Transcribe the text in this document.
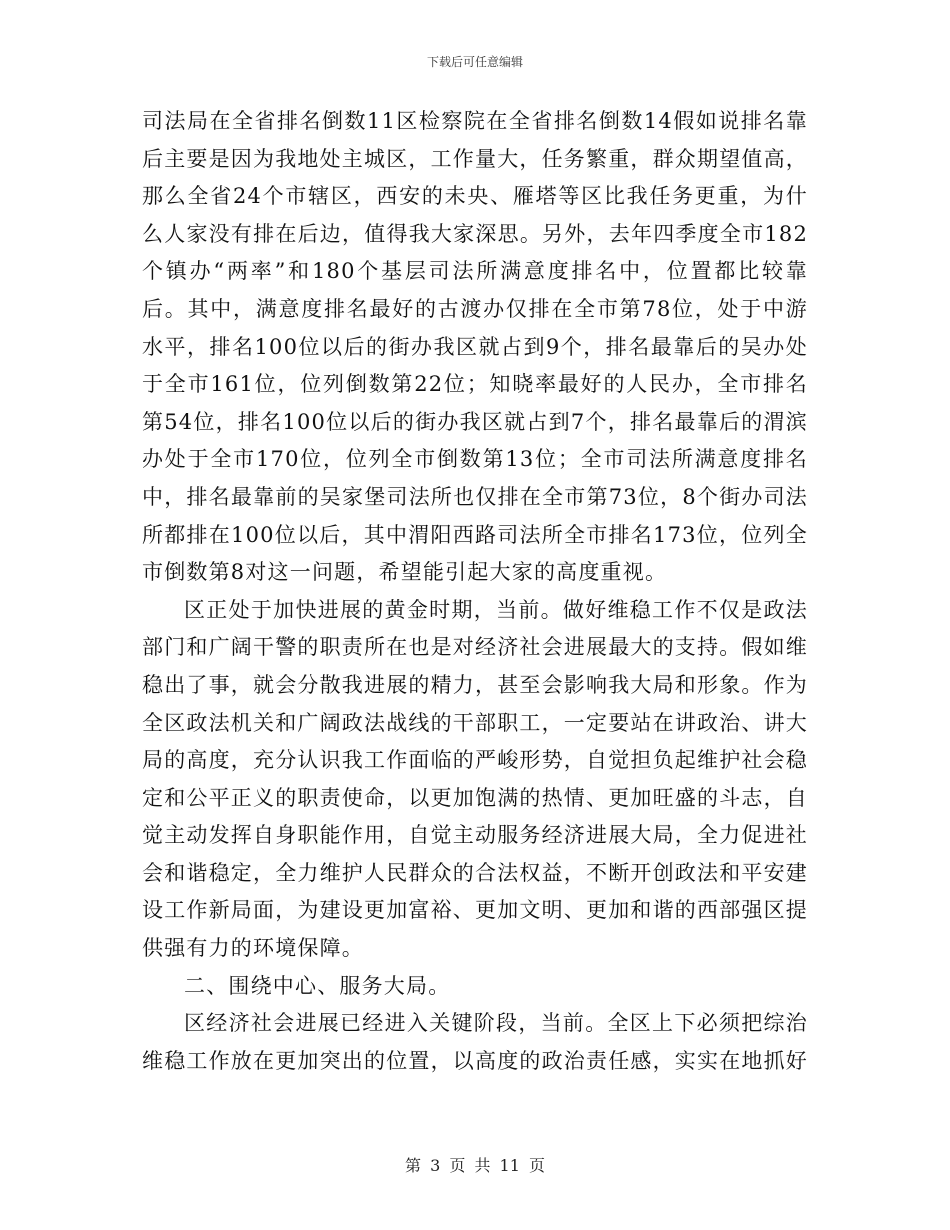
下载后可任意编辑

司法局在全省排名倒数11区检察院在全省排名倒数14假如说排名靠后主要是因为我地处主城区，工作量大，任务繁重，群众期望值高，那么全省24个市辖区，西安的未央、雁塔等区比我任务更重，为什么人家没有排在后边，值得我大家深思。另外，去年四季度全市182个镇办“两率”和180个基层司法所满意度排名中，位置都比较靠后。其中，满意度排名最好的古渡办仅排在全市第78位，处于中游水平，排名100位以后的街办我区就占到9个，排名最靠后的吴办处于全市161位，位列倒数第22位；知晓率最好的人民办，全市排名第54位，排名100位以后的街办我区就占到7个，排名最靠后的渭滨办处于全市170位，位列全市倒数第13位；全市司法所满意度排名中，排名最靠前的吴家堡司法所也仅排在全市第73位，8个街办司法所都排在100位以后，其中渭阳西路司法所全市排名173位，位列全市倒数第8对这一问题，希望能引起大家的高度重视。

区正处于加快进展的黄金时期，当前。做好维稳工作不仅是政法部门和广阔干警的职责所在也是对经济社会进展最大的支持。假如维稳出了事，就会分散我进展的精力，甚至会影响我大局和形象。作为全区政法机关和广阔政法战线的干部职工，一定要站在讲政治、讲大局的高度，充分认识我工作面临的严峻形势，自觉担负起维护社会稳定和公平正义的职责使命，以更加饱满的热情、更加旺盛的斗志，自觉主动发挥自身职能作用，自觉主动服务经济进展大局，全力促进社会和谐稳定，全力维护人民群众的合法权益，不断开创政法和平安建设工作新局面，为建设更加富裕、更加文明、更加和谐的西部强区提供强有力的环境保障。

二、围绕中心、服务大局。

区经济社会进展已经进入关键阶段，当前。全区上下必须把综治维稳工作放在更加突出的位置，以高度的政治责任感，实实在地抓好

第 3 页 共 11 页
